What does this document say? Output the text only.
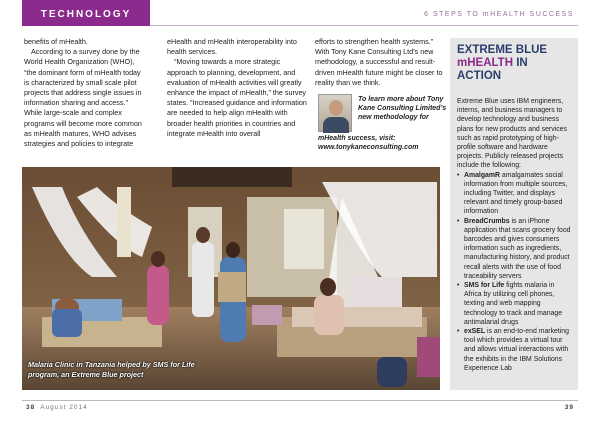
TECHNOLOGY	6 STEPS TO mHEALTH SUCCESS

benefits of mHealth.

According to a survey done by the World Health Organization (WHO), “the dominant form of mHealth today is characterized by small scale pilot projects that address single issues in information sharing and access.” While large-scale and complex programs will become more common as mHealth matures, WHO advises strategies and policies to integrate

eHealth and mHealth interoperability into health services.

“Moving towards a more strategic approach to planning, development, and evaluation of mHealth activities will greatly enhance the impact of mHealth,” the survey states. “Increased guidance and information are needed to help align mHealth with broader health priorities in countries and integrate mHealth into overall

efforts to strengthen health systems.” With Tony Kane Consulting Ltd’s new methodology, a successful and result-driven mHealth future might be closer to reality than we think.

To learn more about Tony Kane Consulting Limited’s new methodology for
mHealth success, visit:
www.tonykaneconsulting.com
Malaria Clinic in Tanzania helped by SMS for Life program, an Extreme Blue project
EXTREME BLUE
mHEALTH IN ACTION
Extreme Blue uses IBM engineers, interns, and business managers to develop technology and business plans for new products and services such as rapid prototyping of high-profile software and hardware projects. Publicly released projects include the following:
• AmalgamR amalgamates social information from multiple sources, including Twitter, and displays relevant and timely group-based information
• BreadCrumbs is an iPhone application that scans grocery food barcodes and gives consumers information such as ingredients, manufacturing history, and product recall alerts with the use of food traceability servers
• SMS for Life fights malaria in Africa by utilizing cell phones, texting and web mapping technology to track and manage antimalarial drugs
• exSEL is an end-to-end marketing tool which provides a virtual tour and allows virtual interactions with the exhibits in the IBM Solutions Experience Lab
38 August 2014	39
